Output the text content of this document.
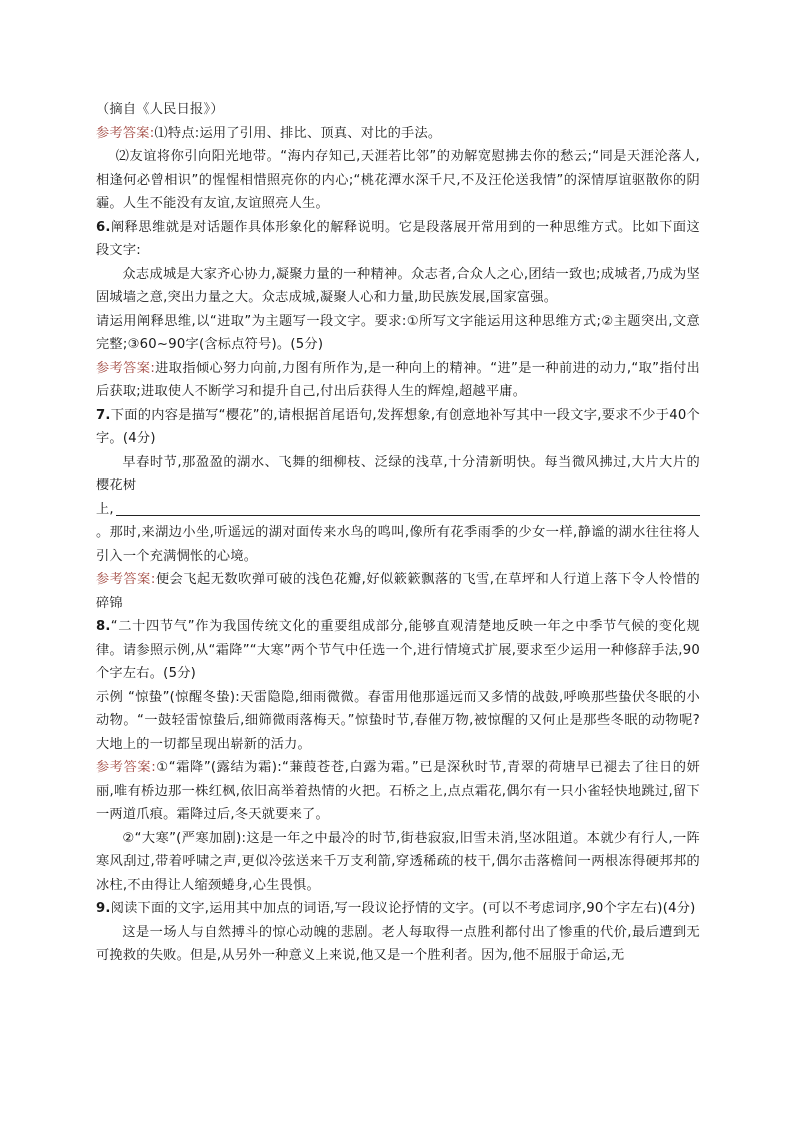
（摘自《人民日报》）

参考答案:⑴特点:运用了引用、排比、顶真、对比的手法。

⑵友谊将你引向阳光地带。“海内存知己,天涯若比邻”的劝解宽慰拂去你的愁云;“同是天涯沦落人,相逢何必曾相识”的惺惺相惜照亮你的内心;“桃花潭水深千尺,不及汪伦送我情”的深情厚谊驱散你的阴霾。人生不能没有友谊,友谊照亮人生。

6.阐释思维就是对话题作具体形象化的解释说明。它是段落展开常用到的一种思维方式。比如下面这段文字:

众志成城是大家齐心协力,凝聚力量的一种精神。众志者,合众人之心,团结一致也;成城者,乃成为坚固城墙之意,突出力量之大。众志成城,凝聚人心和力量,助民族发展,国家富强。

请运用阐释思维,以“进取”为主题写一段文字。要求:①所写文字能运用这种思维方式;②主题突出,文意完整;③60~90字(含标点符号)。(5分)

参考答案:进取指倾心努力向前,力图有所作为,是一种向上的精神。“进”是一种前进的动力,“取”指付出后获取;进取使人不断学习和提升自己,付出后获得人生的辉煌,超越平庸。

7.下面的内容是描写“樱花”的,请根据首尾语句,发挥想象,有创意地补写其中一段文字,要求不少于40个字。(4分)

早春时节,那盈盈的湖水、飞舞的细柳枝、泛绿的浅草,十分清新明快。每当微风拂过,大片大片的樱花树

上,

。那时,来湖边小坐,听遥远的湖对面传来水鸟的鸣叫,像所有花季雨季的少女一样,静谧的湖水往往将人引入一个充满惆怅的心境。

参考答案:便会飞起无数吹弹可破的浅色花瓣,好似簌簌飘落的飞雪,在草坪和人行道上落下令人怜惜的碎锦

8.“二十四节气”作为我国传统文化的重要组成部分,能够直观清楚地反映一年之中季节气候的变化规律。请参照示例,从“霜降”“大寒”两个节气中任选一个,进行情境式扩展,要求至少运用一种修辞手法,90个字左右。(5分)

示例 “惊蛰”(惊醒冬蛰):天雷隐隐,细雨微微。春雷用他那遥远而又多情的战鼓,呼唤那些蛰伏冬眠的小动物。“一鼓轻雷惊蛰后,细筛微雨落梅天。”惊蛰时节,春催万物,被惊醒的又何止是那些冬眠的动物呢?大地上的一切都呈现出崭新的活力。

参考答案:①“霜降”(露结为霜):“蒹葭苍苍,白露为霜。”已是深秋时节,青翠的荷塘早已褪去了往日的妍丽,唯有桥边那一株红枫,依旧高举着热情的火把。石桥之上,点点霜花,偶尔有一只小雀轻快地跳过,留下一两道爪痕。霜降过后,冬天就要来了。

②“大寒”(严寒加剧):这是一年之中最冷的时节,街巷寂寂,旧雪未消,坚冰阻道。本就少有行人,一阵寒风刮过,带着呼啸之声,更似冷弦送来千万支利箭,穿透稀疏的枝干,偶尔击落檐间一两根冻得硬邦邦的冰柱,不由得让人缩颈蜷身,心生畏惧。

9.阅读下面的文字,运用其中加点的词语,写一段议论抒情的文字。(可以不考虑词序,90个字左右)(4分)

这是一场人与自然搏斗的惊心动魄的悲剧。老人每取得一点胜利都付出了惨重的代价,最后遭到无可挽救的失败。但是,从另外一种意义上来说,他又是一个胜利者。因为,他不屈服于命运,无
